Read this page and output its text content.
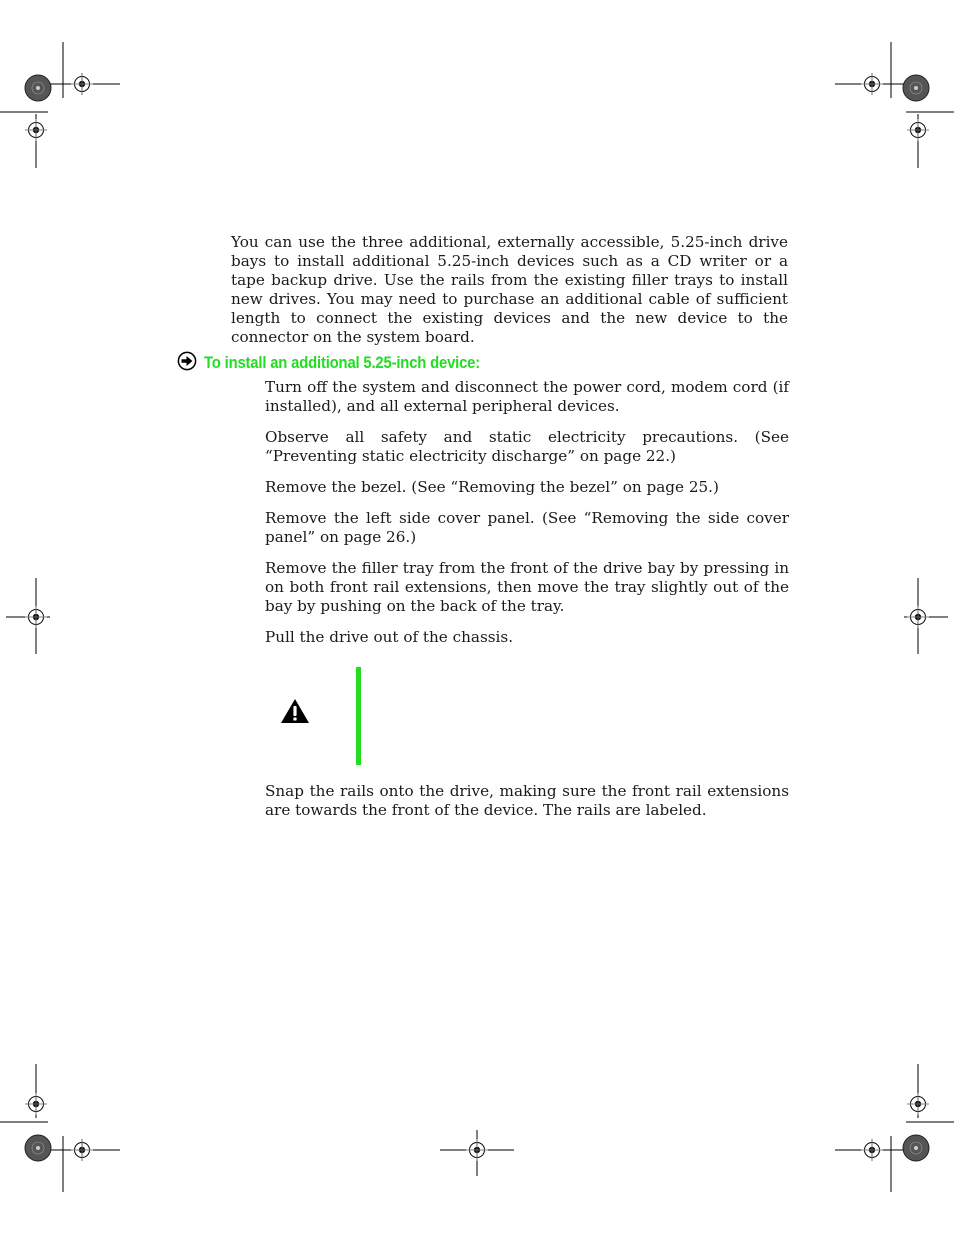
You can use the three additional, externally accessible, 5.25-inch drive bays to install additional 5.25-inch devices such as a CD writer or a tape backup drive. Use the rails from the existing filler trays to install new drives. You may need to purchase an additional cable of sufficient length to connect the existing devices and the new device to the connector on the system board.

To install an additional 5.25-inch device:

Turn off the system and disconnect the power cord, modem cord (if installed), and all external peripheral devices.

Observe all safety and static electricity precautions. (See “Preventing static electricity discharge” on page 22.)

Remove the bezel. (See “Removing the bezel” on page 25.)

Remove the left side cover panel. (See “Removing the side cover panel” on page 26.)

Remove the filler tray from the front of the drive bay by pressing in on both front rail extensions, then move the tray slightly out of the bay by pushing on the back of the tray.

Pull the drive out of the chassis.

Snap the rails onto the drive, making sure the front rail extensions are towards the front of the device. The rails are labeled.
